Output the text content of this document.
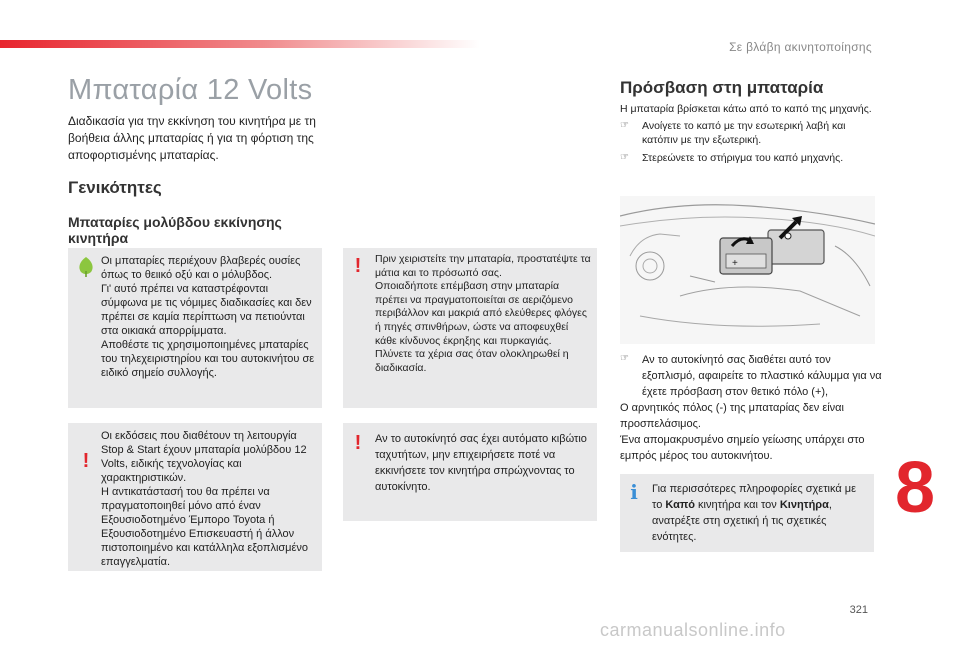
Σε βλάβη ακινητοποίησης
Μπαταρία 12 Volts

Διαδικασία για την εκκίνηση του κινητήρα με τη βοήθεια άλλης μπαταρίας ή για τη φόρτιση της αποφορτισμένης μπαταρίας.

Γενικότητες
Μπαταρίες μολύβδου εκκίνησης
κινητήρα
Οι μπαταρίες περιέχουν βλαβερές ουσίες όπως το θειικό οξύ και ο μόλυβδος.
Γι' αυτό πρέπει να καταστρέφονται σύμφωνα με τις νόμιμες διαδικασίες και δεν πρέπει σε καμία περίπτωση να πετιούνται στα οικιακά απορρίμματα.
Αποθέστε τις χρησιμοποιημένες μπαταρίες του τηλεχειριστηρίου και του αυτοκινήτου σε ειδικό σημείο συλλογής.
!
Οι εκδόσεις που διαθέτουν τη λειτουργία Stop & Start έχουν μπαταρία μολύβδου 12 Volts, ειδικής τεχνολογίας και χαρακτηριστικών.
Η αντικατάστασή του θα πρέπει να πραγματοποιηθεί μόνο από έναν Εξουσιοδοτημένο Έμπορο Toyota ή Εξουσιοδοτημένο Επισκευαστή ή άλλον πιστοποιημένο και κατάλληλα εξοπλισμένο επαγγελματία.
! Πριν χειριστείτε την μπαταρία, προστατέψτε τα μάτια και το πρόσωπό σας.
Οποιαδήποτε επέμβαση στην μπαταρία πρέπει να πραγματοποιείται σε αεριζόμενο περιβάλλον και μακριά από ελεύθερες φλόγες ή πηγές σπινθήρων, ώστε να αποφευχθεί κάθε κίνδυνος έκρηξης και πυρκαγιάς.
Πλύνετε τα χέρια σας όταν ολοκληρωθεί η διαδικασία.
! Αν το αυτοκίνητό σας έχει αυτόματο κιβώτιο ταχυτήτων, μην επιχειρήσετε ποτέ να εκκινήσετε τον κινητήρα σπρώχνοντας το αυτοκίνητο.
Πρόσβαση στη μπαταρία
Η μπαταρία βρίσκεται κάτω από το καπό της μηχανής.
☞ Ανοίγετε το καπό με την εσωτερική λαβή και κατόπιν με την εξωτερική.
☞ Στερεώνετε το στήριγμα του καπό μηχανής.
+
☞ Αν το αυτοκίνητό σας διαθέτει αυτό τον εξοπλισμό, αφαιρείτε το πλαστικό κάλυμμα για να έχετε πρόσβαση στον θετικό πόλο (+),
Ο αρνητικός πόλος (-) της μπαταρίας δεν είναι προσπελάσιμος.
Ένα απομακρυσμένο σημείο γείωσης υπάρχει στο εμπρός μέρος του αυτοκινήτου.
i Για περισσότερες πληροφορίες σχετικά με το Καπό κινητήρα και τον Κινητήρα, ανατρέξτε στη σχετική ή τις σχετικές ενότητες.
8
321
carmanualsonline.info
